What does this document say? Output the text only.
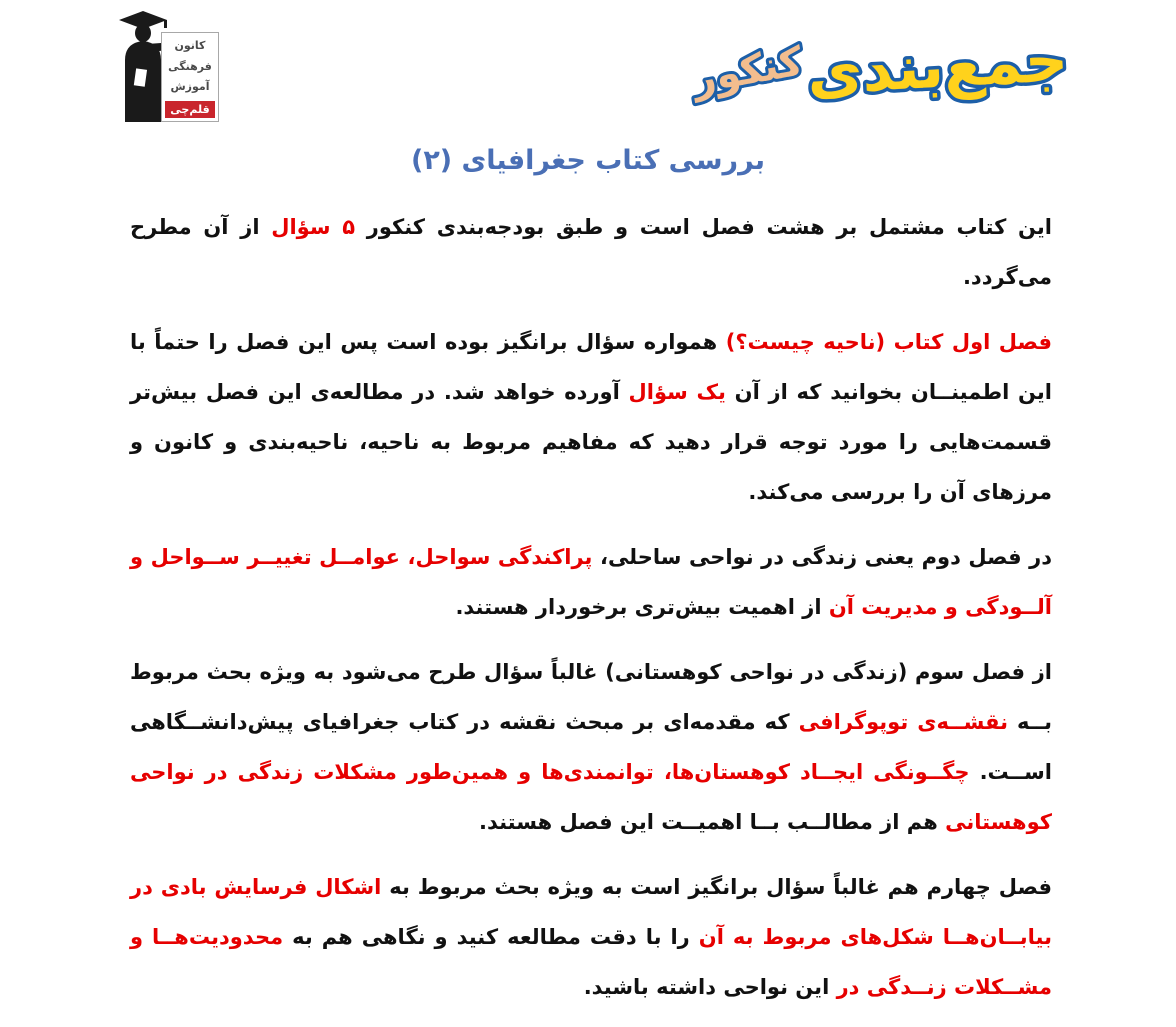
کانون
فرهنگی
آموزش
قلم‌چی
جمع‌بندی
کنکور
بررسی کتاب جغرافیای (۲)

این کتاب مشتمل بر هشت فصل است و طبق بودجه‌بندی کنکور ۵ سؤال از آن مطرح می‌گردد.

فصل اول کتاب (ناحیه چیست؟) همواره سؤال برانگیز بوده است پس این فصل را حتماً با این اطمینــان بخوانید که از آن یک سؤال آورده خواهد شد. در مطالعه‌ی این فصل بیش‌تر قسمت‌هایی را مورد توجه قرار دهید که مفاهیم مربوط به ناحیه، ناحیه‌بندی و کانون و مرزهای آن را بررسی می‌کند.

در فصل دوم یعنی زندگی در نواحی ساحلی، پراکندگی سواحل، عوامــل تغییــر ســواحل و آلــودگی و مدیریت آن از اهمیت بیش‌تری برخوردار هستند.

از فصل سوم (زندگی در نواحی کوهستانی) غالباً سؤال طرح می‌شود به ویژه بحث مربوط بــه نقشــه‌ی توپوگرافی که مقدمه‌ای بر مبحث نقشه در کتاب جغرافیای پیش‌دانشــگاهی اســت. چگــونگی ایجــاد کوهستان‌ها، توانمندی‌ها و همین‌طور مشکلات زندگی در نواحی کوهستانی هم از مطالــب بــا اهمیــت این فصل هستند.

فصل چهارم هم غالباً سؤال برانگیز است به ویژه بحث مربوط به اشکال فرسایش بادی در بیابــان‌هــا شکل‌های مربوط به آن را با دقت مطالعه کنید و نگاهی هم به محدودیت‌هــا و مشــکلات زنــدگی در این نواحی داشته باشید.
